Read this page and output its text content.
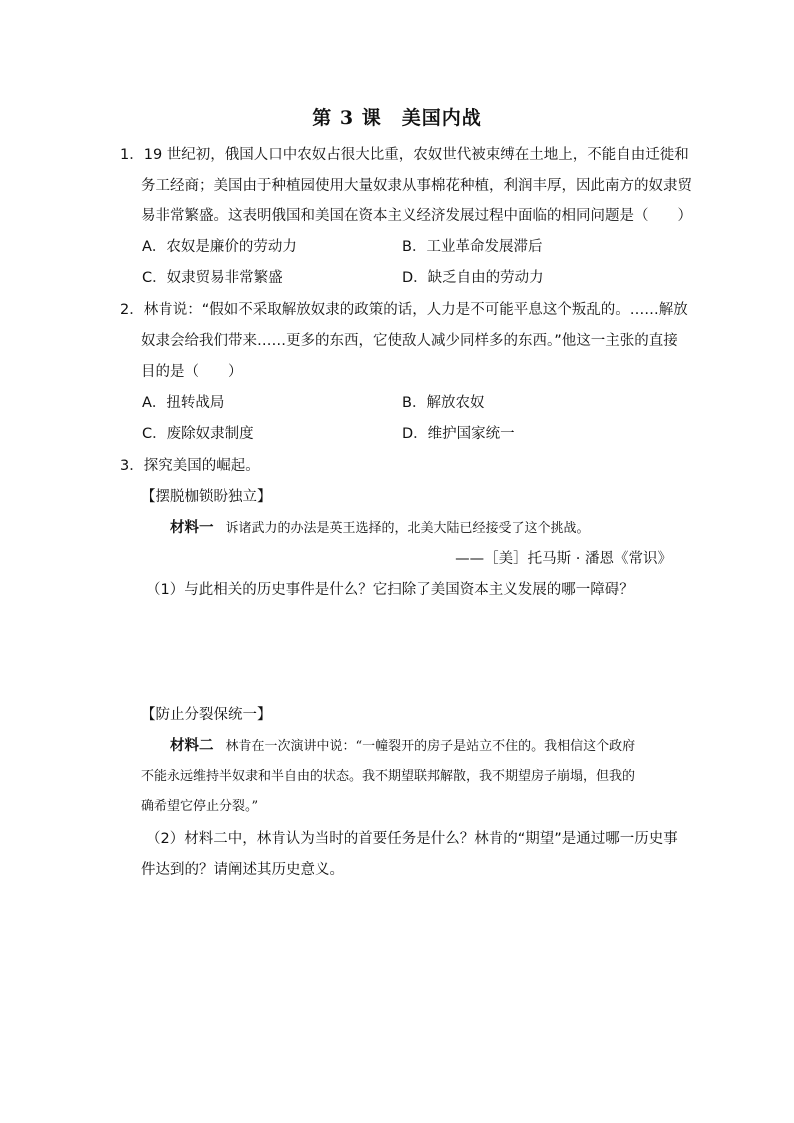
第 3 课　美国内战
1．19 世纪初，俄国人口中农奴占很大比重，农奴世代被束缚在土地上，不能自由迁徙和
务工经商；美国由于种植园使用大量奴隶从事棉花种植，利润丰厚，因此南方的奴隶贸
易非常繁盛。这表明俄国和美国在资本主义经济发展过程中面临的相同问题是（　　）
A．农奴是廉价的劳动力	B．工业革命发展滞后
C．奴隶贸易非常繁盛	D．缺乏自由的劳动力
2．林肯说：“假如不采取解放奴隶的政策的话，人力是不可能平息这个叛乱的。……解放
奴隶会给我们带来……更多的东西，它使敌人减少同样多的东西。”他这一主张的直接
目的是（　　）
A．扭转战局	B．解放农奴
C．废除奴隶制度	D．维护国家统一
3．探究美国的崛起。
【摆脱枷锁盼独立】
材料一 诉诸武力的办法是英王选择的，北美大陆已经接受了这个挑战。
——［美］托马斯 · 潘恩《常识》
（1）与此相关的历史事件是什么？它扫除了美国资本主义发展的哪一障碍？
【防止分裂保统一】
材料二 林肯在一次演讲中说：“一幢裂开的房子是站立不住的。我相信这个政府
不能永远维持半奴隶和半自由的状态。我不期望联邦解散，我不期望房子崩塌，但我的
确希望它停止分裂。”
（2）材料二中，林肯认为当时的首要任务是什么？林肯的“期望”是通过哪一历史事
件达到的？请阐述其历史意义。
